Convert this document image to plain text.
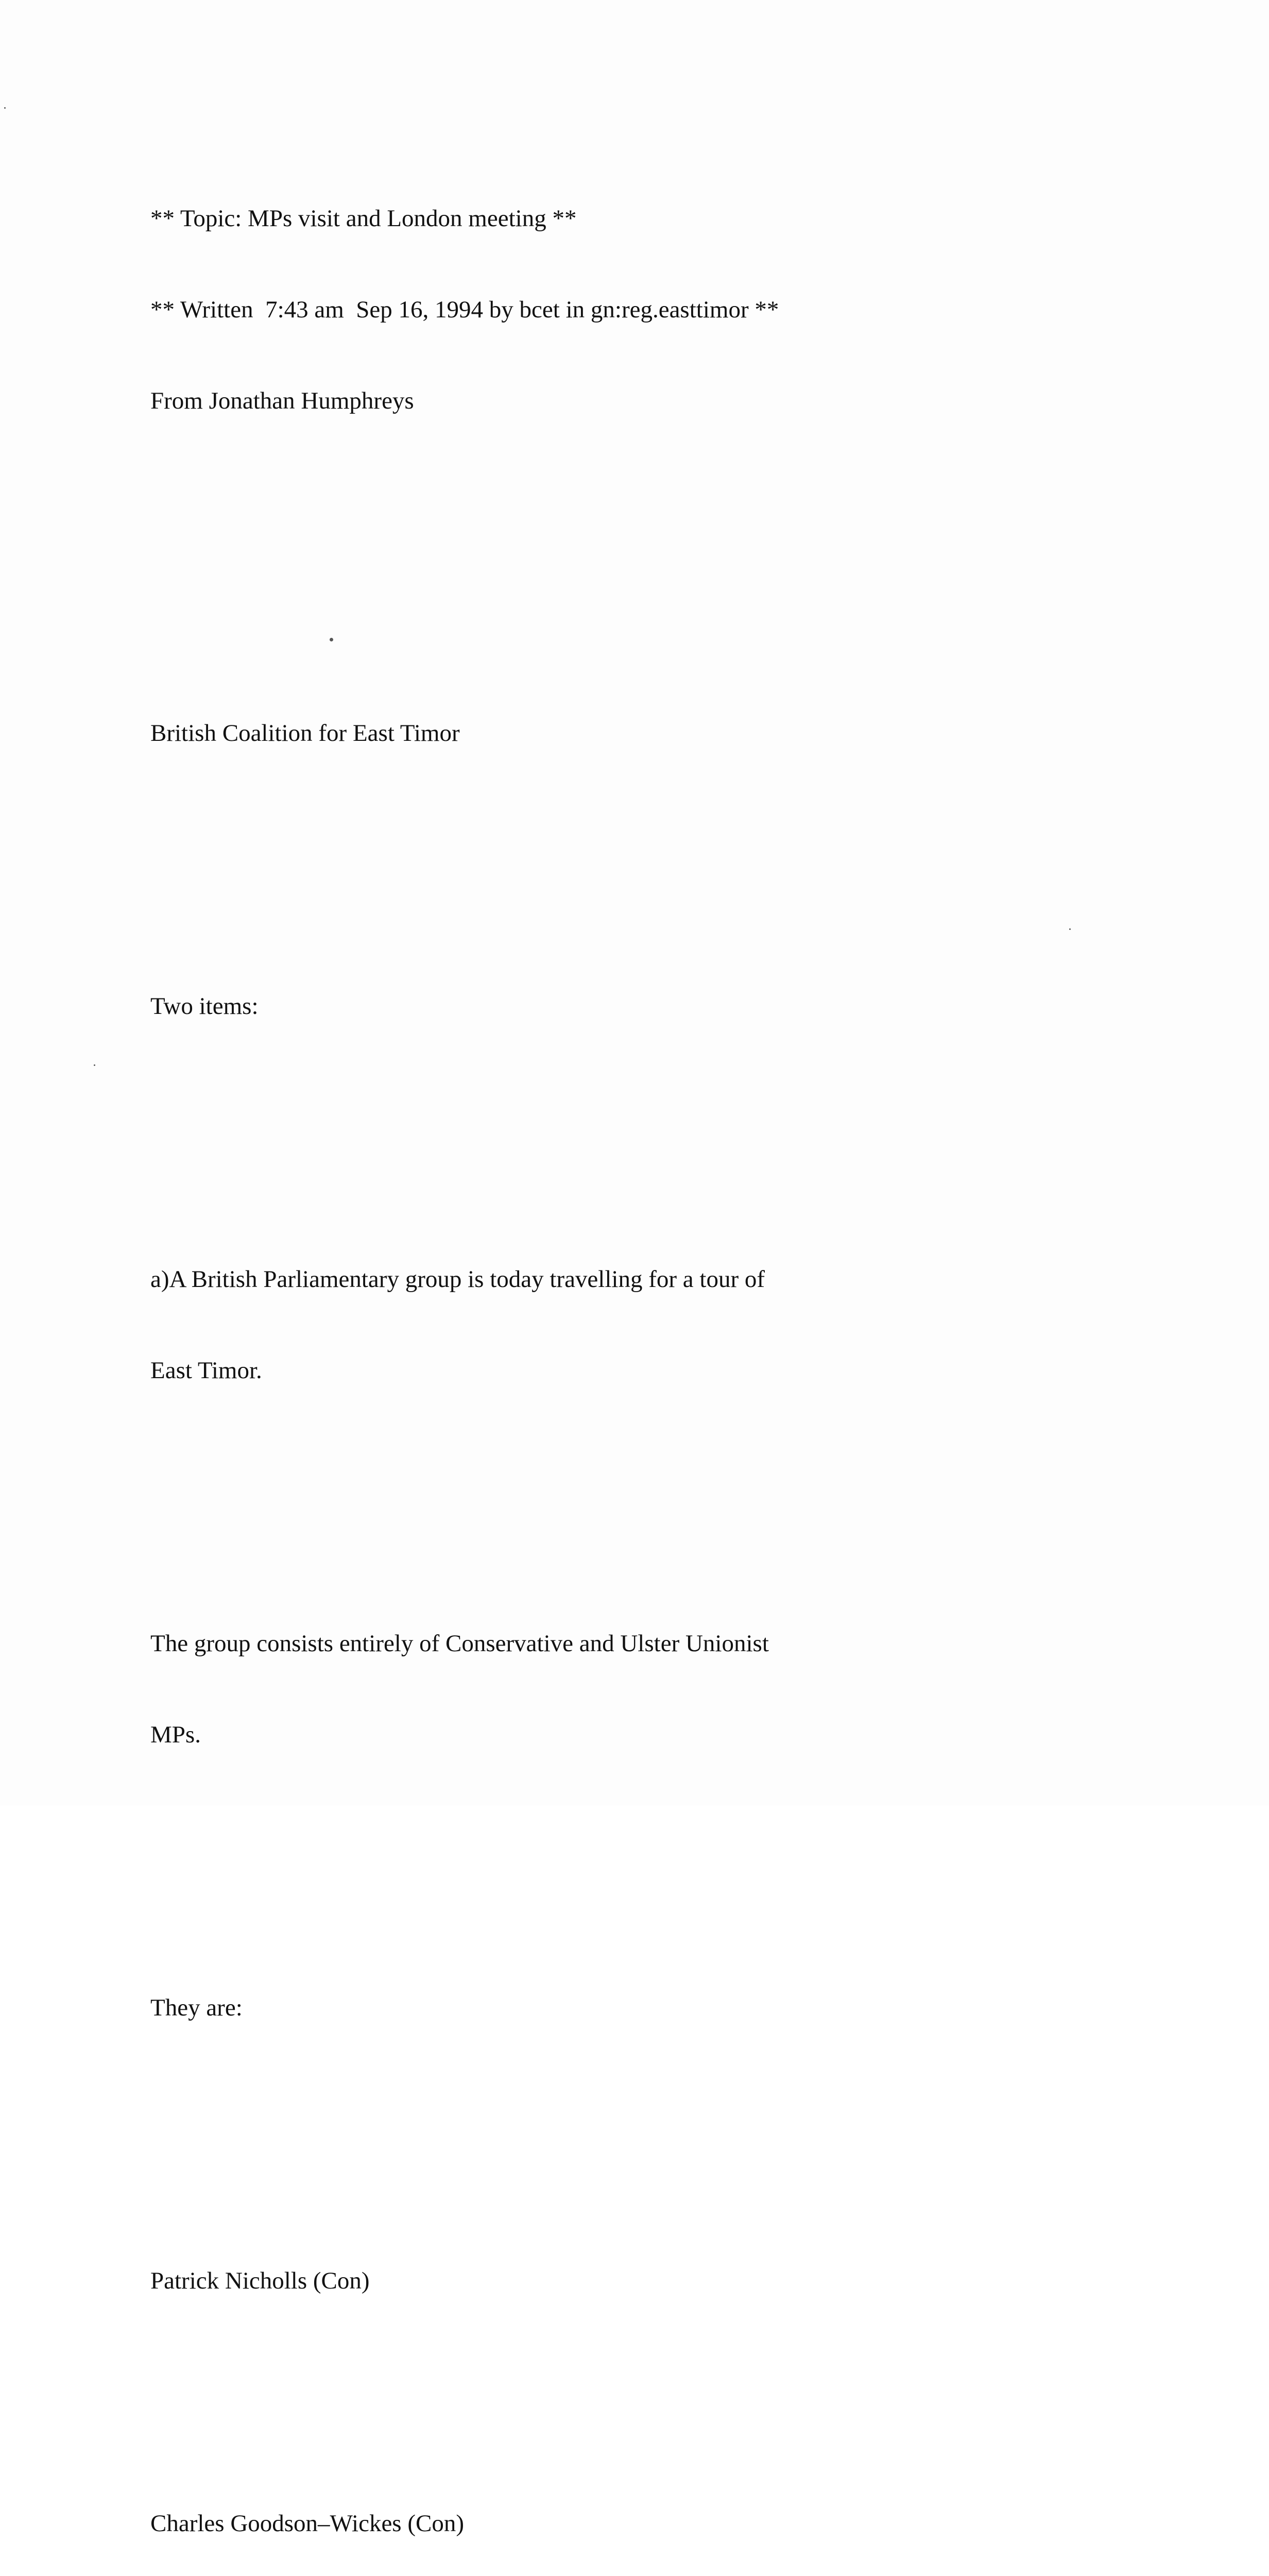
** Topic: MPs visit and London meeting **

** Written  7:43 am  Sep 16, 1994 by bcet in gn:reg.easttimor **

From Jonathan Humphreys

British Coalition for East Timor

Two items:

a)A British Parliamentary group is today travelling for a tour of

East Timor.

The group consists entirely of Conservative and Ulster Unionist

MPs.

They are:

Patrick Nicholls (Con)

Charles Goodson–Wickes (Con)
